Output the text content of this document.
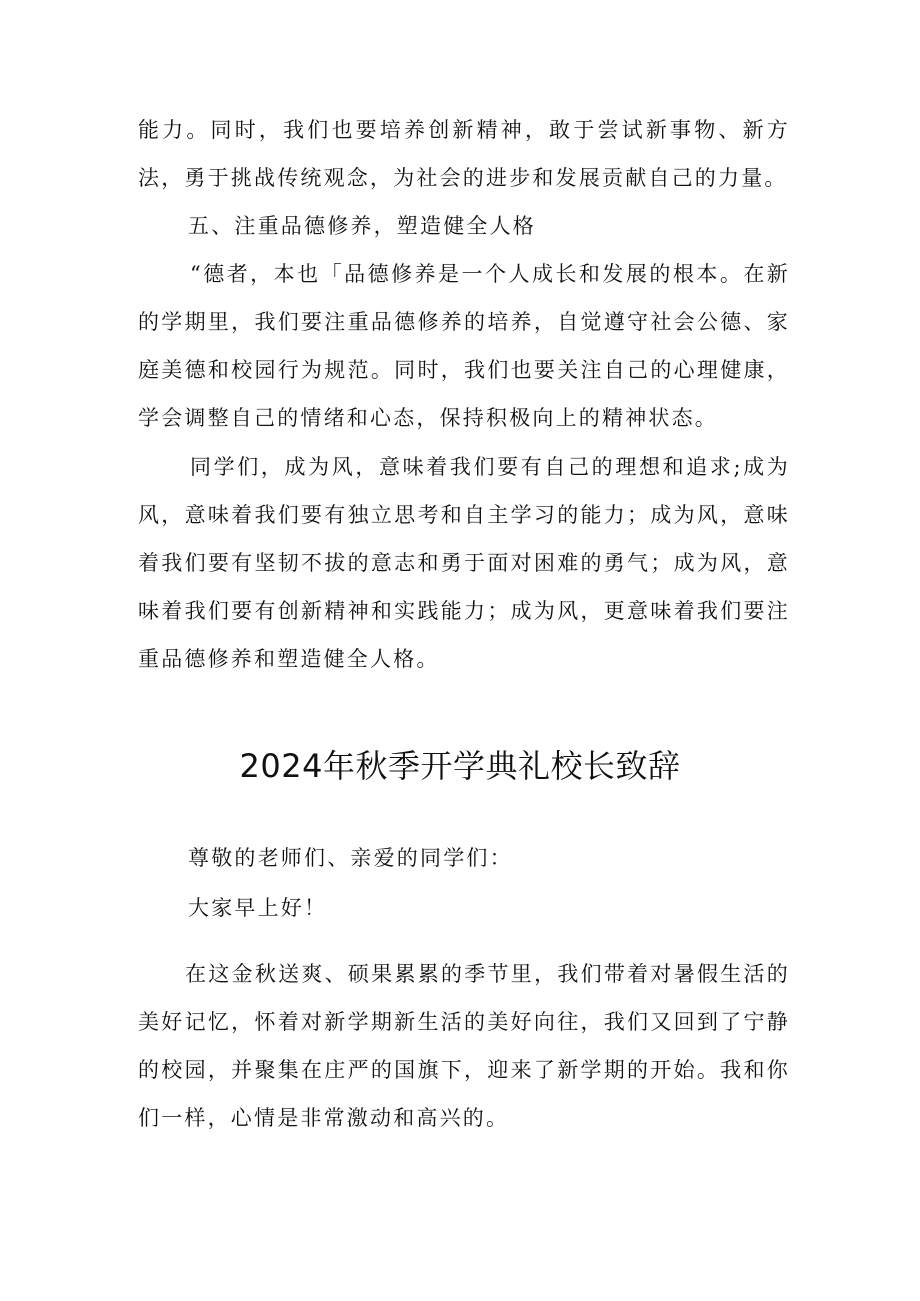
能力。同时，我们也要培养创新精神，敢于尝试新事物、新方法，勇于挑战传统观念，为社会的进步和发展贡献自己的力量。

五、注重品德修养，塑造健全人格

“德者，本也「品德修养是一个人成长和发展的根本。在新的学期里，我们要注重品德修养的培养，自觉遵守社会公德、家庭美德和校园行为规范。同时，我们也要关注自己的心理健康，学会调整自己的情绪和心态，保持积极向上的精神状态。

同学们，成为风，意味着我们要有自己的理想和追求;成为风，意味着我们要有独立思考和自主学习的能力；成为风，意味着我们要有坚韧不拔的意志和勇于面对困难的勇气；成为风，意味着我们要有创新精神和实践能力；成为风，更意味着我们要注重品德修养和塑造健全人格。

2024年秋季开学典礼校长致辞

尊敬的老师们、亲爱的同学们：

大家早上好！

在这金秋送爽、硕果累累的季节里，我们带着对暑假生活的美好记忆，怀着对新学期新生活的美好向往，我们又回到了宁静的校园，并聚集在庄严的国旗下，迎来了新学期的开始。我和你们一样，心情是非常激动和高兴的。
